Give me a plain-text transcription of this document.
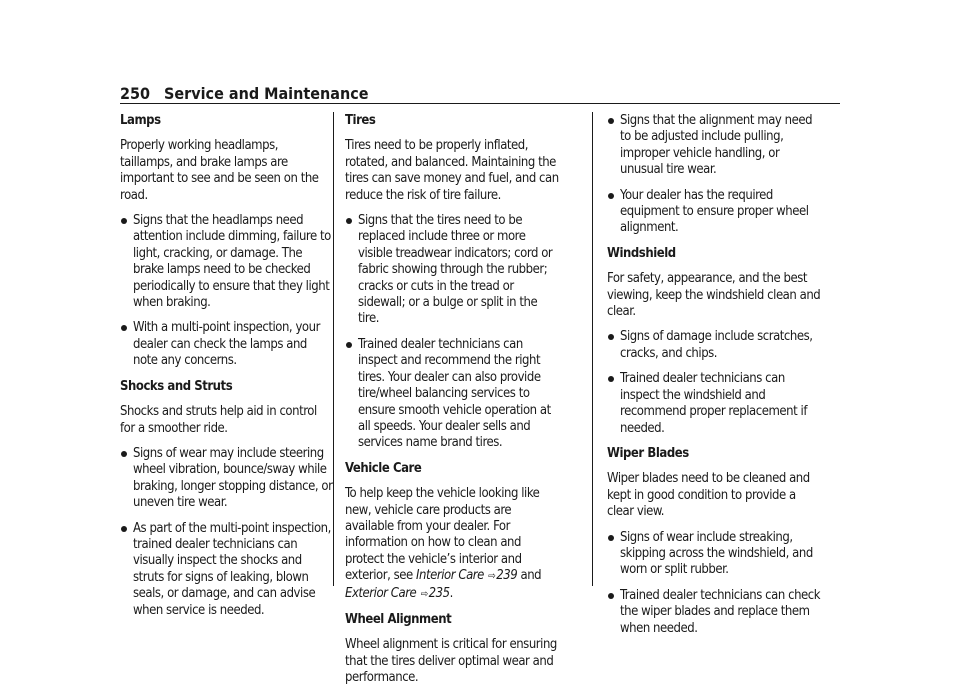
250 Service and Maintenance
Lamps

Properly working headlamps, taillamps, and brake lamps are important to see and be seen on the road.

Signs that the headlamps need attention include dimming, failure to light, cracking, or damage. The brake lamps need to be checked periodically to ensure that they light when braking.
With a multi-point inspection, your dealer can check the lamps and note any concerns.
Shocks and Struts

Shocks and struts help aid in control for a smoother ride.

Signs of wear may include steering wheel vibration, bounce/sway while braking, longer stopping distance, or uneven tire wear.
As part of the multi-point inspection, trained dealer technicians can visually inspect the shocks and struts for signs of leaking, blown seals, or damage, and can advise when service is needed.
Tires

Tires need to be properly inflated, rotated, and balanced. Maintaining the tires can save money and fuel, and can reduce the risk of tire failure.

Signs that the tires need to be replaced include three or more visible treadwear indicators; cord or fabric showing through the rubber; cracks or cuts in the tread or sidewall; or a bulge or split in the tire.
Trained dealer technicians can inspect and recommend the right tires. Your dealer can also provide tire/wheel balancing services to ensure smooth vehicle operation at all speeds. Your dealer sells and services name brand tires.
Vehicle Care

To help keep the vehicle looking like new, vehicle care products are available from your dealer. For information on how to clean and protect the vehicle’s interior and exterior, see Interior Care ⇨239 and
Exterior Care ⇨235.

Wheel Alignment

Wheel alignment is critical for ensuring that the tires deliver optimal wear and performance.

Signs that the alignment may need to be adjusted include pulling, improper vehicle handling, or unusual tire wear.
Your dealer has the required equipment to ensure proper wheel alignment.
Windshield

For safety, appearance, and the best viewing, keep the windshield clean and clear.

Signs of damage include scratches, cracks, and chips.
Trained dealer technicians can inspect the windshield and recommend proper replacement if needed.
Wiper Blades

Wiper blades need to be cleaned and kept in good condition to provide a clear view.

Signs of wear include streaking, skipping across the windshield, and worn or split rubber.
Trained dealer technicians can check the wiper blades and replace them when needed.
